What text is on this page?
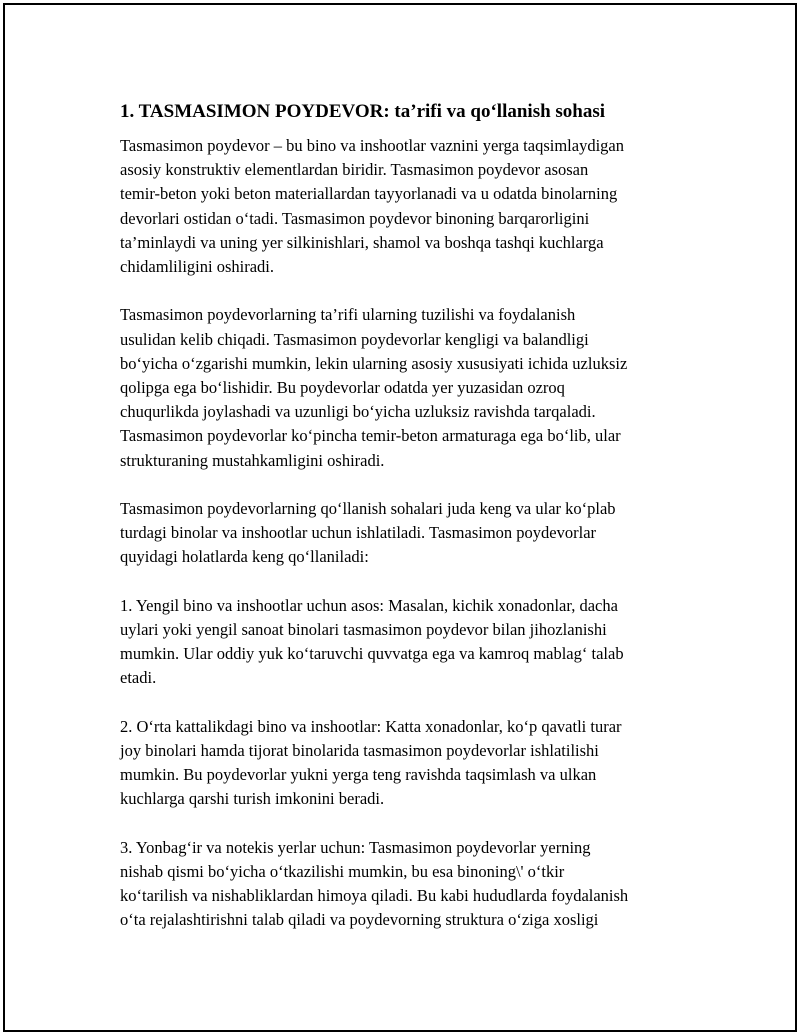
1. TASMASIMON POYDEVOR: ta’rifi va qo‘llanish sohasi
Tasmasimon poydevor – bu bino va inshootlar vaznini yerga taqsimlaydigan
asosiy konstruktiv elementlardan biridir. Tasmasimon poydevor asosan
temir-beton yoki beton materiallardan tayyorlanadi va u odatda binolarning
devorlari ostidan o‘tadi. Tasmasimon poydevor binoning barqarorligini
ta’minlaydi va uning yer silkinishlari, shamol va boshqa tashqi kuchlarga
chidamliligini oshiradi.
Tasmasimon poydevorlarning ta’rifi ularning tuzilishi va foydalanish
usulidan kelib chiqadi. Tasmasimon poydevorlar kengligi va balandligi
bo‘yicha o‘zgarishi mumkin, lekin ularning asosiy xususiyati ichida uzluksiz
qolipga ega bo‘lishidir. Bu poydevorlar odatda yer yuzasidan ozroq
chuqurlikda joylashadi va uzunligi bo‘yicha uzluksiz ravishda tarqaladi.
Tasmasimon poydevorlar ko‘pincha temir-beton armaturaga ega bo‘lib, ular
strukturaning mustahkamligini oshiradi.
Tasmasimon poydevorlarning qo‘llanish sohalari juda keng va ular ko‘plab
turdagi binolar va inshootlar uchun ishlatiladi. Tasmasimon poydevorlar
quyidagi holatlarda keng qo‘llaniladi:
1. Yengil bino va inshootlar uchun asos: Masalan, kichik xonadonlar, dacha
uylari yoki yengil sanoat binolari tasmasimon poydevor bilan jihozlanishi
mumkin. Ular oddiy yuk ko‘taruvchi quvvatga ega va kamroq mablag‘ talab
etadi.
2. O‘rta kattalikdagi bino va inshootlar: Katta xonadonlar, ko‘p qavatli turar
joy binolari hamda tijorat binolarida tasmasimon poydevorlar ishlatilishi
mumkin. Bu poydevorlar yukni yerga teng ravishda taqsimlash va ulkan
kuchlarga qarshi turish imkonini beradi.
3. Yonbag‘ir va notekis yerlar uchun: Tasmasimon poydevorlar yerning
nishab qismi bo‘yicha o‘tkazilishi mumkin, bu esa binoning\' o‘tkir
ko‘tarilish va nishabliklardan himoya qiladi. Bu kabi hududlarda foydalanish
o‘ta rejalashtirishni talab qiladi va poydevorning struktura o‘ziga xosligi
